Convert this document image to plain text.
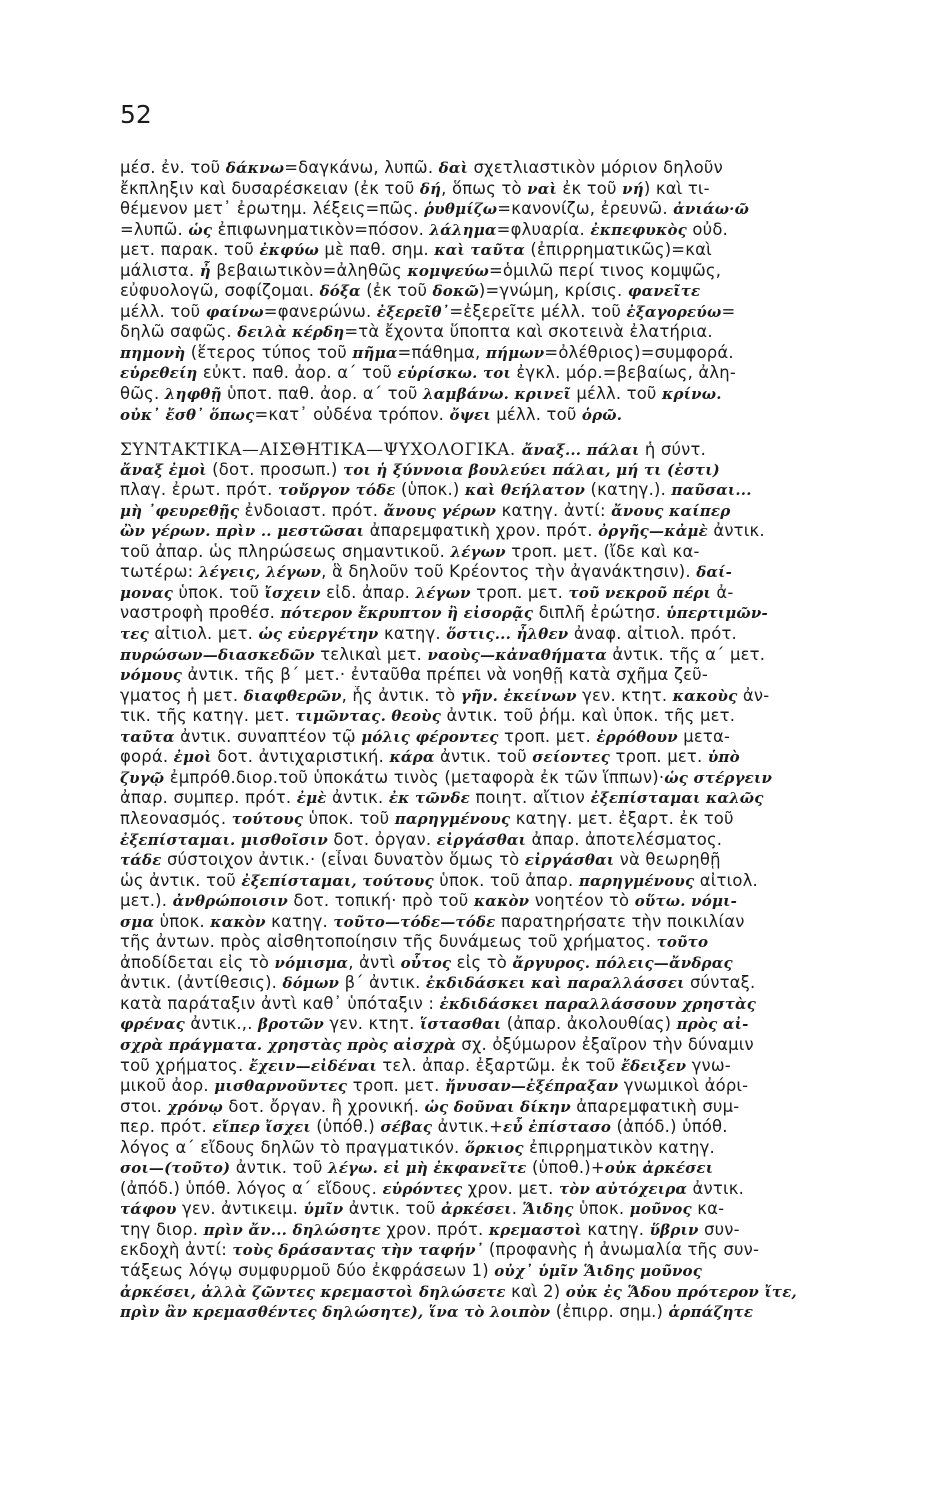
52
μέσ. ἐν. τοῦ δάκνω=δαγκάνω, λυπῶ. δαὶ σχετλιαστικὸν μόριον δηλοῦν
ἔκπληξιν καὶ δυσαρέσκειαν (ἐκ τοῦ δή, ὅπως τὸ ναὶ ἐκ τοῦ νή) καὶ τι-
θέμενον μετ᾽ ἐρωτημ. λέξεις=πῶς. ῥυθμίζω=κανονίζω, ἐρευνῶ. ἀνιάω·ῶ
=λυπῶ. ὡς ἐπιφωνηματικὸν=πόσον. λάλημα=φλυαρία. ἐκπεφυκὸς οὐδ.
μετ. παρακ. τοῦ ἐκφύω μὲ παθ. σημ. καὶ ταῦτα (ἐπιρρηματικῶς)=καὶ
μάλιστα. ἦ βεβαιωτικὸν=ἀληθῶς κομψεύω=ὁμιλῶ περί τινος κομψῶς,
εὐφυολογῶ, σοφίζομαι. δόξα (ἐκ τοῦ δοκῶ)=γνώμη, κρίσις. φανεῖτε
μέλλ. τοῦ φαίνω=φανερώνω. ἐξερεῖθ᾽=ἐξερεῖτε μέλλ. τοῦ ἐξαγορεύω=
δηλῶ σαφῶς. δειλὰ κέρδη=τὰ ἔχοντα ὕποπτα καὶ σκοτεινὰ ἐλατήρια.
πημονὴ (ἕτερος τύπος τοῦ πῆμα=πάθημα, πήμων=ὀλέθριος)=συμφορά.
εὑρεθείη εὐκτ. παθ. ἀορ. α΄ τοῦ εὑρίσκω. τοι ἐγκλ. μόρ.=βεβαίως, ἀλη-
θῶς. ληφθῇ ὑποτ. παθ. ἀορ. α΄ τοῦ λαμβάνω. κρινεῖ μέλλ. τοῦ κρίνω.
οὐκ᾽ ἔσθ᾽ ὅπως=κατ᾽ οὐδένα τρόπον. ὄψει μέλλ. τοῦ ὁρῶ.
ΣΥΝΤΑΚΤΙΚΑ—ΑΙΣΘΗΤΙΚΑ—ΨΥΧΟΛΟΓΙΚΑ. ἄναξ... πάλαι ἡ σύντ.
ἄναξ ἐμοὶ (δοτ. προσωπ.) τοι ἡ ξύννοια βουλεύει πάλαι, μή τι (ἐστι)
πλαγ. ἐρωτ. πρότ. τοὔργον τόδε (ὑποκ.) καὶ θεήλατον (κατηγ.). παῦσαι...
μὴ ᾽φευρεθῇς ἐνδοιαστ. πρότ. ἄνους γέρων κατηγ. ἀντί: ἄνους καίπερ
ὢν γέρων. πρὶν .. μεστῶσαι ἀπαρεμφατικὴ χρον. πρότ. ὀργῆς—κἀμὲ ἀντικ.
τοῦ ἀπαρ. ὡς πληρώσεως σημαντικοῦ. λέγων τροπ. μετ. (ἴδε καὶ κα-
τωτέρω: λέγεις, λέγων, ἃ δηλοῦν τοῦ Κρέοντος τὴν ἀγανάκτησιν). δαί-
μονας ὑποκ. τοῦ ἴσχειν εἰδ. ἀπαρ. λέγων τροπ. μετ. τοῦ νεκροῦ πέρι ἀ-
ναστροφὴ προθέσ. πότερον ἔκρυπτον ἢ εἰσορᾷς διπλῆ ἐρώτησ. ὑπερτιμῶν-
τες αἰτιολ. μετ. ὡς εὐεργέτην κατηγ. ὅστις... ἦλθεν ἀναφ. αἰτιολ. πρότ.
πυρώσων—διασκεδῶν τελικαὶ μετ. ναοὺς—κἀναθήματα ἀντικ. τῆς α΄ μετ.
νόμους ἀντικ. τῆς β΄ μετ.· ἐνταῦθα πρέπει νὰ νοηθῇ κατὰ σχῆμα ζεῦ-
γματος ἡ μετ. διαφθερῶν, ἧς ἀντικ. τὸ γῆν. ἐκείνων γεν. κτητ. κακοὺς ἀν-
τικ. τῆς κατηγ. μετ. τιμῶντας. θεοὺς ἀντικ. τοῦ ῥήμ. καὶ ὑποκ. τῆς μετ.
ταῦτα ἀντικ. συναπτέον τῷ μόλις φέροντες τροπ. μετ. ἐρρόθουν μετα-
φορά. ἐμοὶ δοτ. ἀντιχαριστική. κάρα ἀντικ. τοῦ σείοντες τροπ. μετ. ὑπὸ
ζυγῷ ἐμπρόθ.διορ.τοῦ ὑποκάτω τινὸς (μεταφορὰ ἐκ τῶν ἵππων)·ὡς στέργειν
ἀπαρ. συμπερ. πρότ. ἐμὲ ἀντικ. ἐκ τῶνδε ποιητ. αἴτιον ἐξεπίσταμαι καλῶς
πλεονασμός. τούτους ὑποκ. τοῦ παρηγμένους κατηγ. μετ. ἐξαρτ. ἐκ τοῦ
ἐξεπίσταμαι. μισθοῖσιν δοτ. ὀργαν. εἰργάσθαι ἀπαρ. ἀποτελέσματος.
τάδε σύστοιχον ἀντικ.· (εἶναι δυνατὸν ὅμως τὸ εἰργάσθαι νὰ θεωρηθῇ
ὡς ἀντικ. τοῦ ἐξεπίσταμαι, τούτους ὑποκ. τοῦ ἀπαρ. παρηγμένους αἰτιολ.
μετ.). ἀνθρώποισιν δοτ. τοπική· πρὸ τοῦ κακὸν νοητέον τὸ οὕτω. νόμι-
σμα ὑποκ. κακὸν κατηγ. τοῦτο—τόδε—τόδε παρατηρήσατε τὴν ποικιλίαν
τῆς ἀντων. πρὸς αἰσθητοποίησιν τῆς δυνάμεως τοῦ χρήματος. τοῦτο
ἀποδίδεται εἰς τὸ νόμισμα, ἀντὶ οὗτος εἰς τὸ ἄργυρος. πόλεις—ἄνδρας
ἀντικ. (ἀντίθεσις). δόμων β΄ ἀντικ. ἐκδιδάσκει καὶ παραλλάσσει σύνταξ.
κατὰ παράταξιν ἀντὶ καθ᾽ ὑπόταξιν : ἐκδιδάσκει παραλλάσσουν χρηστὰς
φρένας ἀντικ.,. βροτῶν γεν. κτητ. ἵστασθαι (ἀπαρ. ἀκολουθίας) πρὸς αἰ-
σχρὰ πράγματα. χρηστὰς πρὸς αἰσχρὰ σχ. ὀξύμωρον ἐξαῖρον τὴν δύναμιν
τοῦ χρήματος. ἔχειν—εἰδέναι τελ. ἀπαρ. ἐξαρτῶμ. ἐκ τοῦ ἔδειξεν γνω-
μικοῦ ἀορ. μισθαρνοῦντες τροπ. μετ. ἤνυσαν—ἐξέπραξαν γνωμικοὶ ἀόρι-
στοι. χρόνῳ δοτ. ὄργαν. ἢ χρονική. ὡς δοῦναι δίκην ἀπαρεμφατικὴ συμ-
περ. πρότ. εἴπερ ἴσχει (ὑπόθ.) σέβας ἀντικ.+εὖ ἐπίστασο (ἀπόδ.) ὑπόθ.
λόγος α΄ εἴδους δηλῶν τὸ πραγματικόν. ὅρκιος ἐπιρρηματικὸν κατηγ.
σοι—(τοῦτο) ἀντικ. τοῦ λέγω. εἰ μὴ ἐκφανεῖτε (ὑποθ.)+οὐκ ἀρκέσει
(ἀπόδ.) ὑπόθ. λόγος α΄ εἴδους. εὑρόντες χρον. μετ. τὸν αὐτόχειρα ἀντικ.
τάφου γεν. ἀντικειμ. ὑμῖν ἀντικ. τοῦ ἀρκέσει. Ἅιδης ὑποκ. μοῦνος κα-
τηγ διορ. πρὶν ἄν... δηλώσητε χρον. πρότ. κρεμαστοὶ κατηγ. ὕβριν συν-
εκδοχὴ ἀντί: τοὺς δράσαντας τὴν ταφήν᾽ (προφανὴς ἡ ἀνωμαλία τῆς συν-
τάξεως λόγῳ συμφυρμοῦ δύο ἐκφράσεων 1) οὐχ᾽ ὑμῖν Ἅιδης μοῦνος
ἀρκέσει, ἀλλὰ ζῶντες κρεμαστοὶ δηλώσετε καὶ 2) οὐκ ἐς Ἅδου πρότερον ἴτε,
πρὶν ἂν κρεμασθέντες δηλώσητε), ἵνα τὸ λοιπὸν (ἐπιρρ. σημ.) ἁρπάζητε
